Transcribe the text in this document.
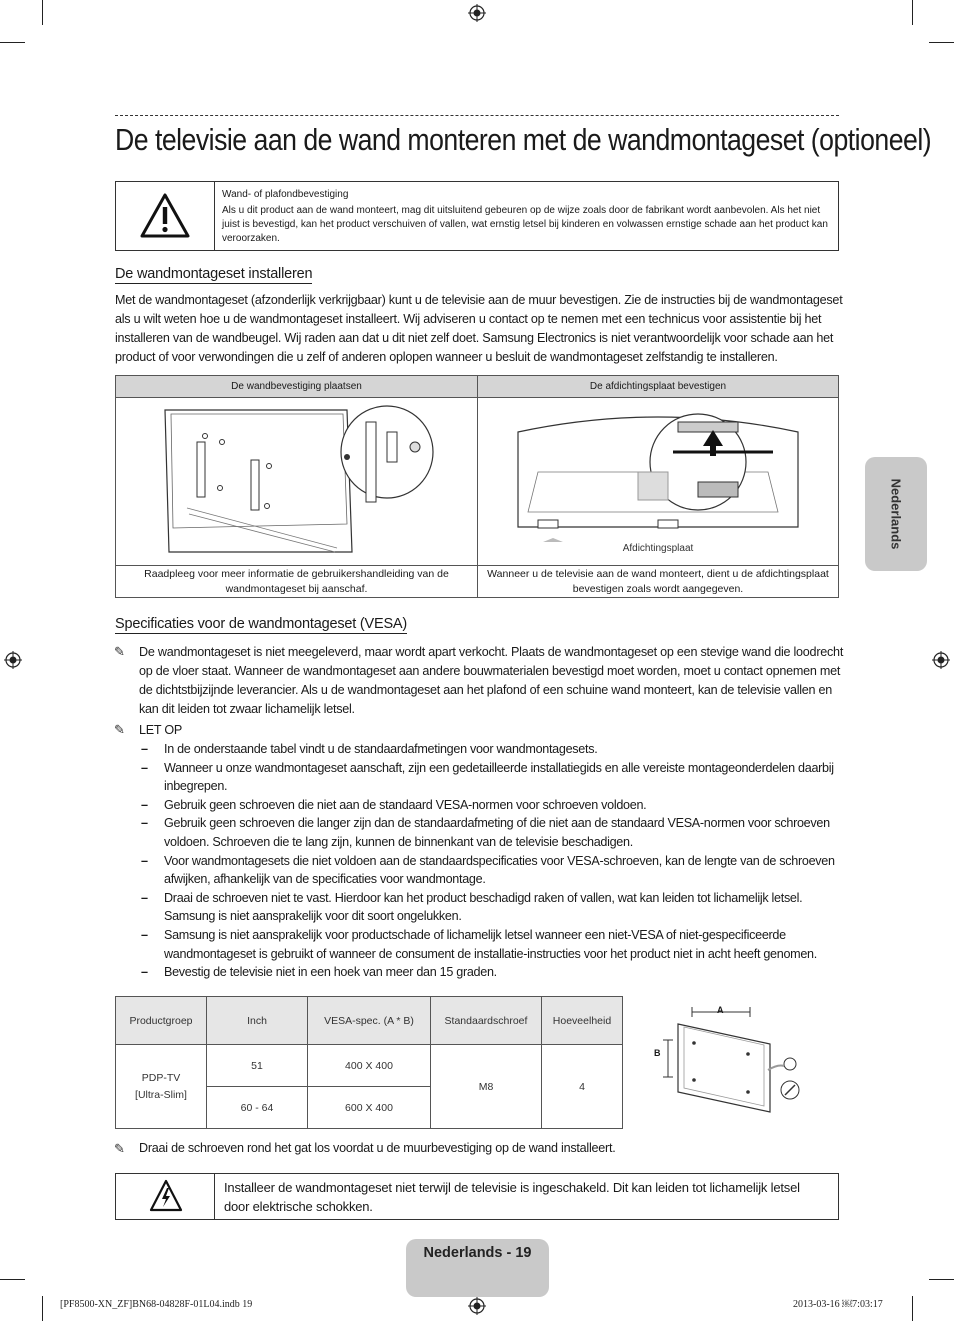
De televisie aan de wand monteren met de wandmontageset (optioneel)
Wand- of plafondbevestiging
Als u dit product aan de wand monteert, mag dit uitsluitend gebeuren op de wijze zoals door de fabrikant wordt aanbevolen. Als het niet juist is bevestigd, kan het product verschuiven of vallen, wat ernstig letsel bij kinderen en volwassen ernstige schade aan het product kan veroorzaken.
De wandmontageset installeren
Met de wandmontageset (afzonderlijk verkrijgbaar) kunt u de televisie aan de muur bevestigen. Zie de instructies bij de wandmontageset als u wilt weten hoe u de wandmontageset installeert. Wij adviseren u contact op te nemen met een technicus voor assistentie bij het installeren van de wandbeugel. Wij raden aan dat u dit niet zelf doet. Samsung Electronics is niet verantwoordelijk voor schade aan het product of voor verwondingen die u zelf of anderen oplopen wanneer u besluit de wandmontageset zelfstandig te installeren.
De wandbevestiging plaatsen	De afdichtingsplaat bevestigen

Afdichtingsplaat

Raadpleeg voor meer informatie de gebruikershandleiding van de wandmontageset bij aanschaf.	Wanneer u de televisie aan de wand monteert, dient u de afdichtingsplaat bevestigen zoals wordt aangegeven.
Specificaties voor de wandmontageset (VESA)
✎ De wandmontageset is niet meegeleverd, maar wordt apart verkocht. Plaats de wandmontageset op een stevige wand die loodrecht op de vloer staat. Wanneer de wandmontageset aan andere bouwmaterialen bevestigd moet worden, moet u contact opnemen met de dichtstbijzijnde leverancier. Als u de wandmontageset aan het plafond of een schuine wand monteert, kan de televisie vallen en kan dit leiden tot zwaar lichamelijk letsel.
✎ LET OP
– In de onderstaande tabel vindt u de standaardafmetingen voor wandmontagesets.
– Wanneer u onze wandmontageset aanschaft, zijn een gedetailleerde installatiegids en alle vereiste montageonderdelen daarbij inbegrepen.
– Gebruik geen schroeven die niet aan de standaard VESA-normen voor schroeven voldoen.
– Gebruik geen schroeven die langer zijn dan de standaardafmeting of die niet aan de standaard VESA-normen voor schroeven voldoen. Schroeven die te lang zijn, kunnen de binnenkant van de televisie beschadigen.
– Voor wandmontagesets die niet voldoen aan de standaardspecificaties voor VESA-schroeven, kan de lengte van de schroeven afwijken, afhankelijk van de specificaties voor wandmontage.
– Draai de schroeven niet te vast. Hierdoor kan het product beschadigd raken of vallen, wat kan leiden tot lichamelijk letsel. Samsung is niet aansprakelijk voor dit soort ongelukken.
– Samsung is niet aansprakelijk voor productschade of lichamelijk letsel wanneer een niet-VESA of niet-gespecificeerde wandmontageset is gebruikt of wanneer de consument de installatie-instructies voor het product niet in acht heeft genomen.
– Bevestig de televisie niet in een hoek van meer dan 15 graden.
Productgroep	Inch	VESA-spec. (A * B)	Standaardschroef	Hoeveelheid

PDP-TV
[Ultra-Slim]	51	400 X 400	M8	4
	60 - 64	600 X 400		
A
B
✎ Draai de schroeven rond het gat los voordat u de muurbevestiging op de wand installeert.
Installeer de wandmontageset niet terwijl de televisie is ingeschakeld. Dit kan leiden tot lichamelijk letsel door elektrische schokken.
Nederlands
Nederlands - 19
[PF8500-XN_ZF]BN68-04828F-01L04.indb 19	2013-03-16 ￼7:03:17
